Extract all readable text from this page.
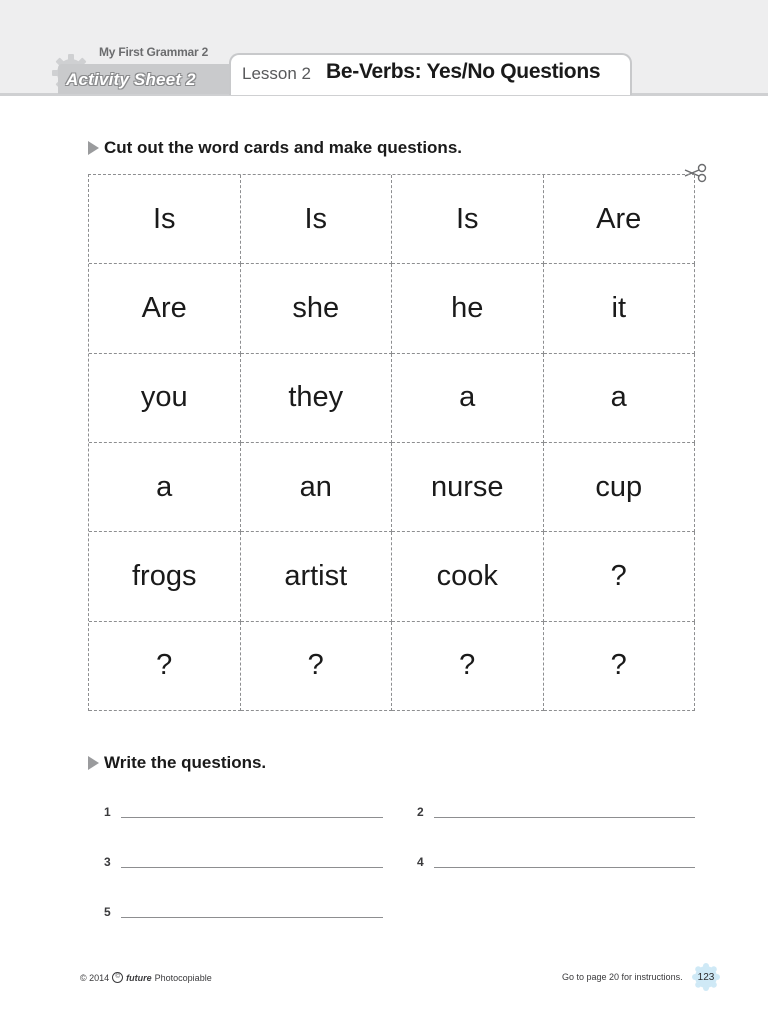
My First Grammar 2
Activity Sheet 2	Lesson 2 Be-Verbs: Yes/No Questions
Cut out the word cards and make questions.
Is	Is	Is	Are
Are	she	he	it
you	they	a	a
a	an	nurse	cup
frogs	artist	cook	?
?	?	?	?
Write the questions.
1	2
3	4
5
© 2014	© future Photocopiable	Go to page 20 for instructions.	123
